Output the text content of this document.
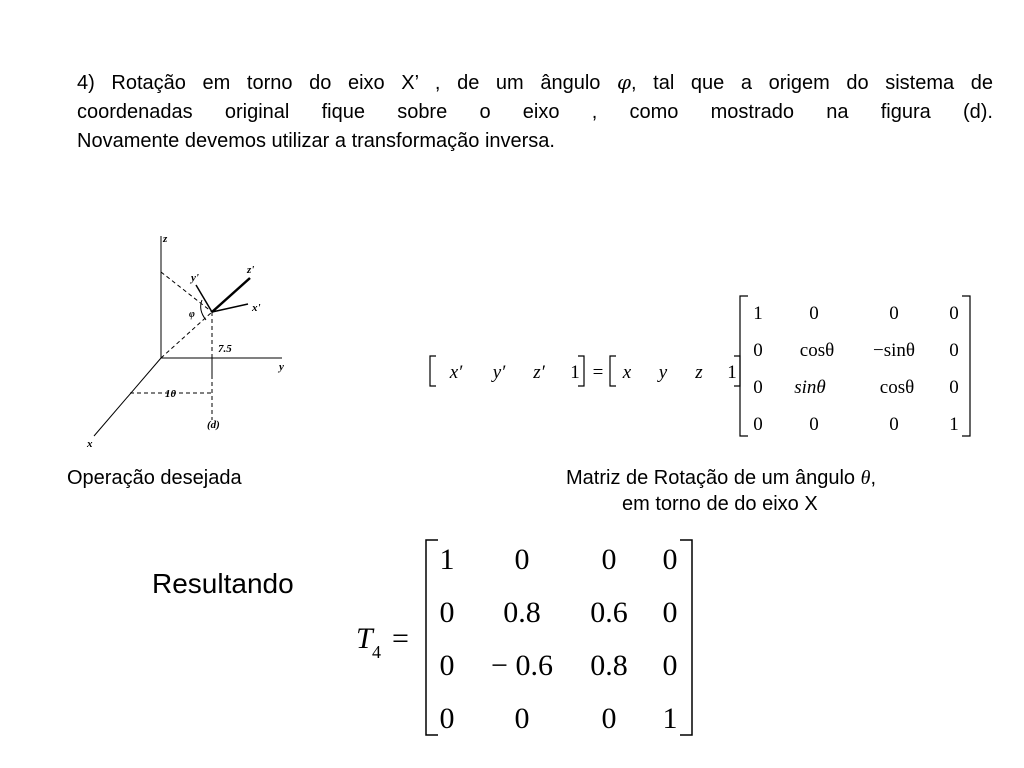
4) Rotação em torno do eixo X’ , de um ângulo φ, tal que a origem do sistema de
coordenadas original fique sobre o eixo , como mostrado na figura (d).
Novamente devemos utilizar a transformação inversa.
z
y
x
y'
z'
x'
φ
7.5
10
(d)
x′ y′ z′ 1 = x y z 1
1 0	0	0
0 cosθ −sinθ 0
0 sinθ	cosθ 0
0 0	0	1
Operação desejada	Matriz de Rotação de um ângulo θ,
em torno de do eixo X
Resultando
T 4 =
1 0 0 0
0 0.8 0.6 0
0 − 0.6 0.8 0
0 0 0 1
